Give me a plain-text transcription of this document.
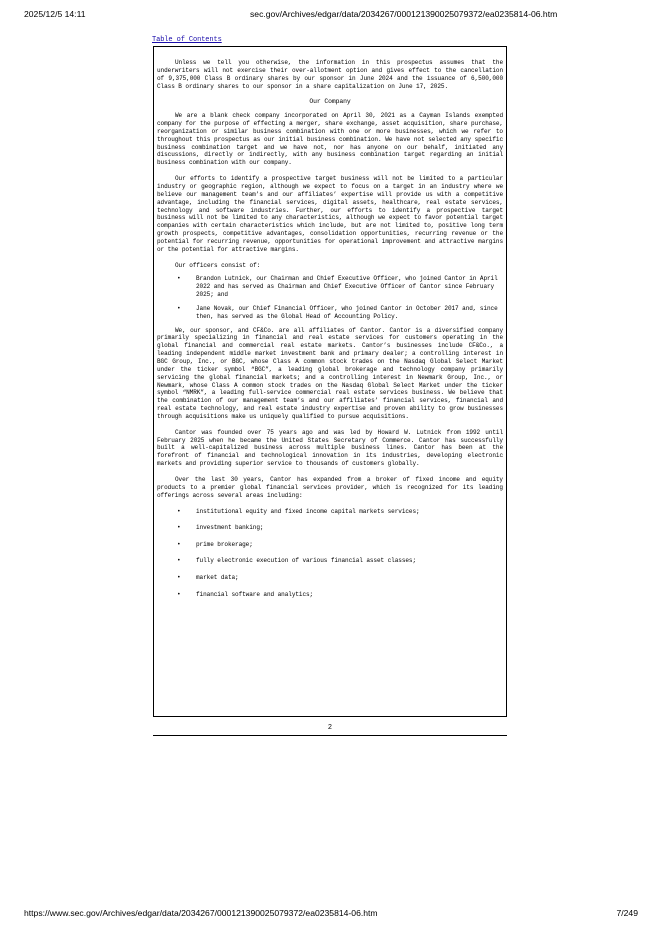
2025/12/5 14:11	sec.gov/Archives/edgar/data/2034267/000121390025079372/ea0235814-06.htm
Table of Contents

Unless we tell you otherwise, the information in this prospectus assumes that the underwriters will not exercise their over-allotment option and gives effect to the cancellation of 9,375,000 Class B ordinary shares by our sponsor in June 2024 and the issuance of 6,500,000 Class B ordinary shares to our sponsor in a share capitalization on June 17, 2025.

Our Company

We are a blank check company incorporated on April 30, 2021 as a Cayman Islands exempted company for the purpose of effecting a merger, share exchange, asset acquisition, share purchase, reorganization or similar business combination with one or more businesses, which we refer to throughout this prospectus as our initial business combination. We have not selected any specific business combination target and we have not, nor has anyone on our behalf, initiated any discussions, directly or indirectly, with any business combination target regarding an initial business combination with our company.

Our efforts to identify a prospective target business will not be limited to a particular industry or geographic region, although we expect to focus on a target in an industry where we believe our management team’s and our affiliates’ expertise will provide us with a competitive advantage, including the financial services, digital assets, healthcare, real estate services, technology and software industries. Further, our efforts to identify a prospective target business will not be limited to any characteristics, although we expect to favor potential target companies with certain characteristics which include, but are not limited to, positive long term growth prospects, competitive advantages, consolidation opportunities, recurring revenue or the potential for recurring revenue, opportunities for operational improvement and attractive margins or the potential for attractive margins.

Our officers consist of:

•	Brandon Lutnick, our Chairman and Chief Executive Officer, who joined Cantor in April 2022 and has served as Chairman and Chief Executive Officer of Cantor since February 2025; and
•	Jane Novak, our Chief Financial Officer, who joined Cantor in October 2017 and, since then, has served as the Global Head of Accounting Policy.

We, our sponsor, and CF&Co. are all affiliates of Cantor. Cantor is a diversified company primarily specializing in financial and real estate services for customers operating in the global financial and commercial real estate markets. Cantor’s businesses include CF&Co., a leading independent middle market investment bank and primary dealer; a controlling interest in BGC Group, Inc., or BGC, whose Class A common stock trades on the Nasdaq Global Select Market under the ticker symbol “BGC”, a leading global brokerage and technology company primarily servicing the global financial markets; and a controlling interest in Newmark Group, Inc., or Newmark, whose Class A common stock trades on the Nasdaq Global Select Market under the ticker symbol “NMRK”, a leading full-service commercial real estate services business. We believe that the combination of our management team’s and our affiliates’ financial services, financial and real estate technology, and real estate industry expertise and proven ability to grow businesses through acquisitions make us uniquely qualified to pursue acquisitions.

Cantor was founded over 75 years ago and was led by Howard W. Lutnick from 1992 until February 2025 when he became the United States Secretary of Commerce. Cantor has successfully built a well-capitalized business across multiple business lines. Cantor has been at the forefront of financial and technological innovation in its industries, developing electronic markets and providing superior service to thousands of customers globally.

Over the last 30 years, Cantor has expanded from a broker of fixed income and equity products to a premier global financial services provider, which is recognized for its leading offerings across several areas including:

•	institutional equity and fixed income capital markets services;
•	investment banking;
•	prime brokerage;
•	fully electronic execution of various financial asset classes;
•	market data;
•	financial software and analytics;
2
https://www.sec.gov/Archives/edgar/data/2034267/000121390025079372/ea0235814-06.htm	7/249
